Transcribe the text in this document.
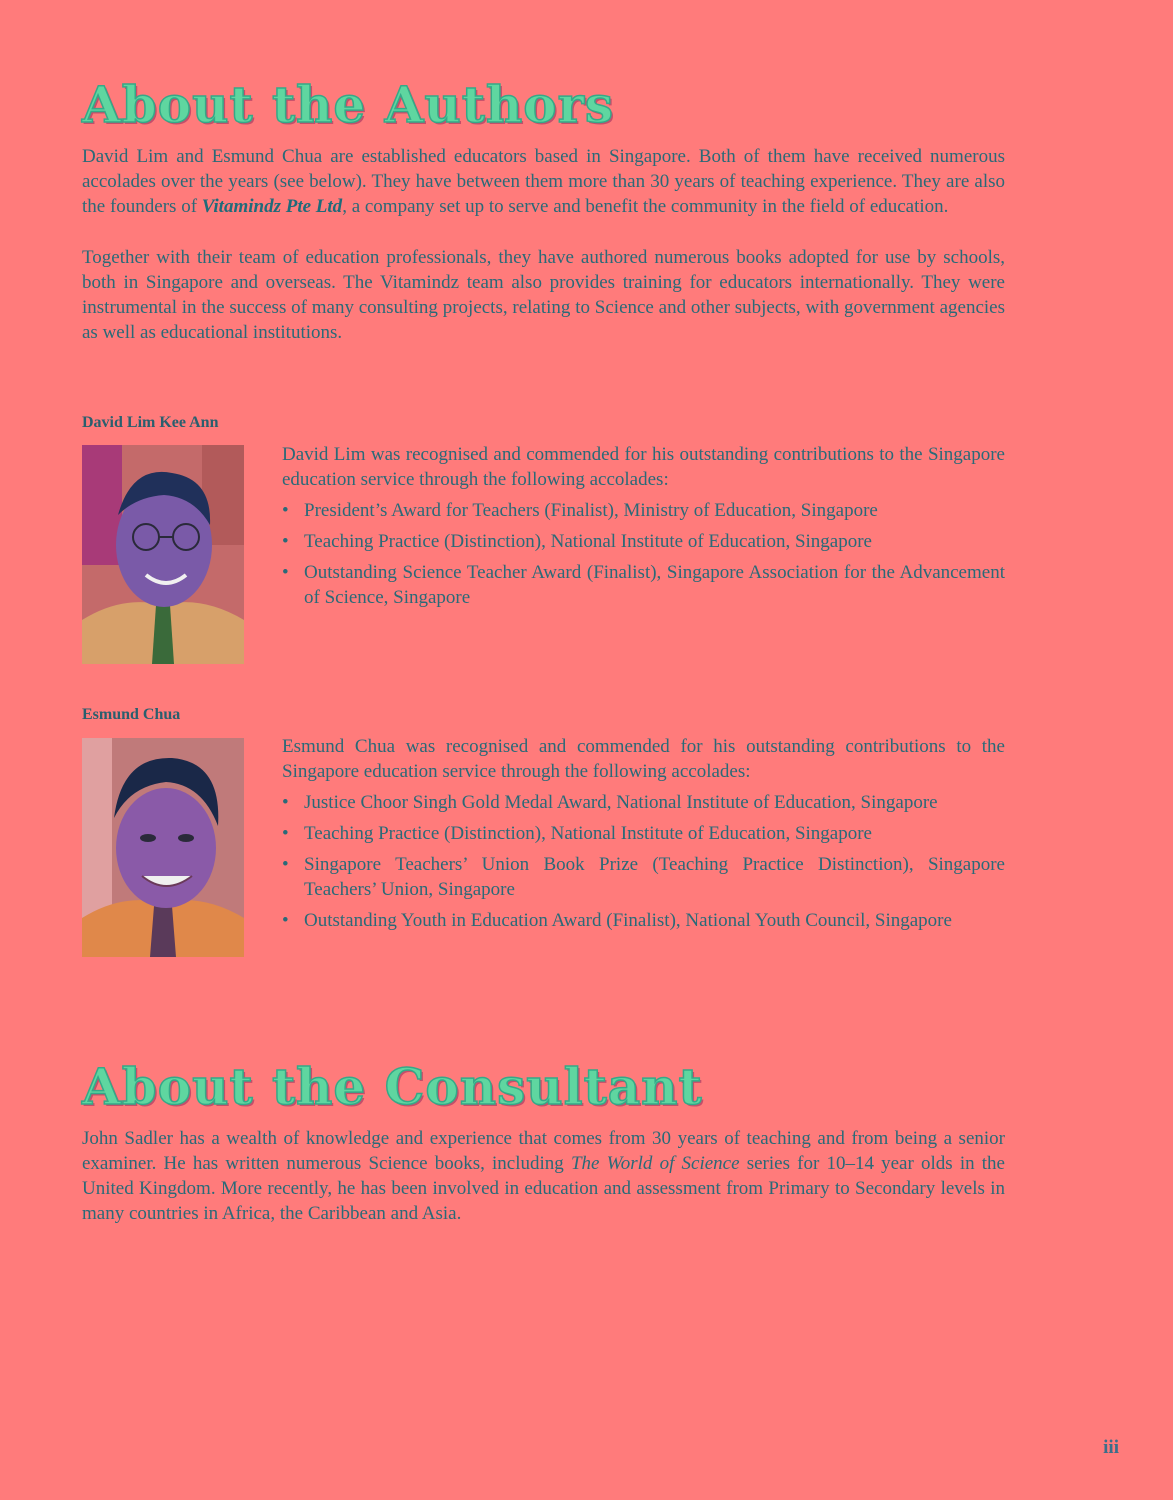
About the Authors

David Lim and Esmund Chua are established educators based in Singapore. Both of them have received numerous accolades over the years (see below). They have between them more than 30 years of teaching experience. They are also the founders of Vitamindz Pte Ltd, a company set up to serve and benefit the community in the field of education.

Together with their team of education professionals, they have authored numerous books adopted for use by schools, both in Singapore and overseas. The Vitamindz team also provides training for educators internationally. They were instrumental in the success of many consulting projects, relating to Science and other subjects, with government agencies as well as educational institutions.

David Lim Kee Ann

David Lim was recognised and commended for his outstanding contributions to the Singapore education service through the following accolades:

• President’s Award for Teachers (Finalist), Ministry of Education, Singapore
• Teaching Practice (Distinction), National Institute of Education, Singapore
• Outstanding Science Teacher Award (Finalist), Singapore Association for the Advancement of Science, Singapore
Esmund Chua

Esmund Chua was recognised and commended for his outstanding contributions to the Singapore education service through the following accolades:

• Justice Choor Singh Gold Medal Award, National Institute of Education, Singapore
• Teaching Practice (Distinction), National Institute of Education, Singapore
• Singapore Teachers’ Union Book Prize (Teaching Practice Distinction), Singapore Teachers’ Union, Singapore
• Outstanding Youth in Education Award (Finalist), National Youth Council, Singapore
About the Consultant

John Sadler has a wealth of knowledge and experience that comes from 30 years of teaching and from being a senior examiner. He has written numerous Science books, including The World of Science series for 10–14 year olds in the United Kingdom. More recently, he has been involved in education and assessment from Primary to Secondary levels in many countries in Africa, the Caribbean and Asia.

iii
